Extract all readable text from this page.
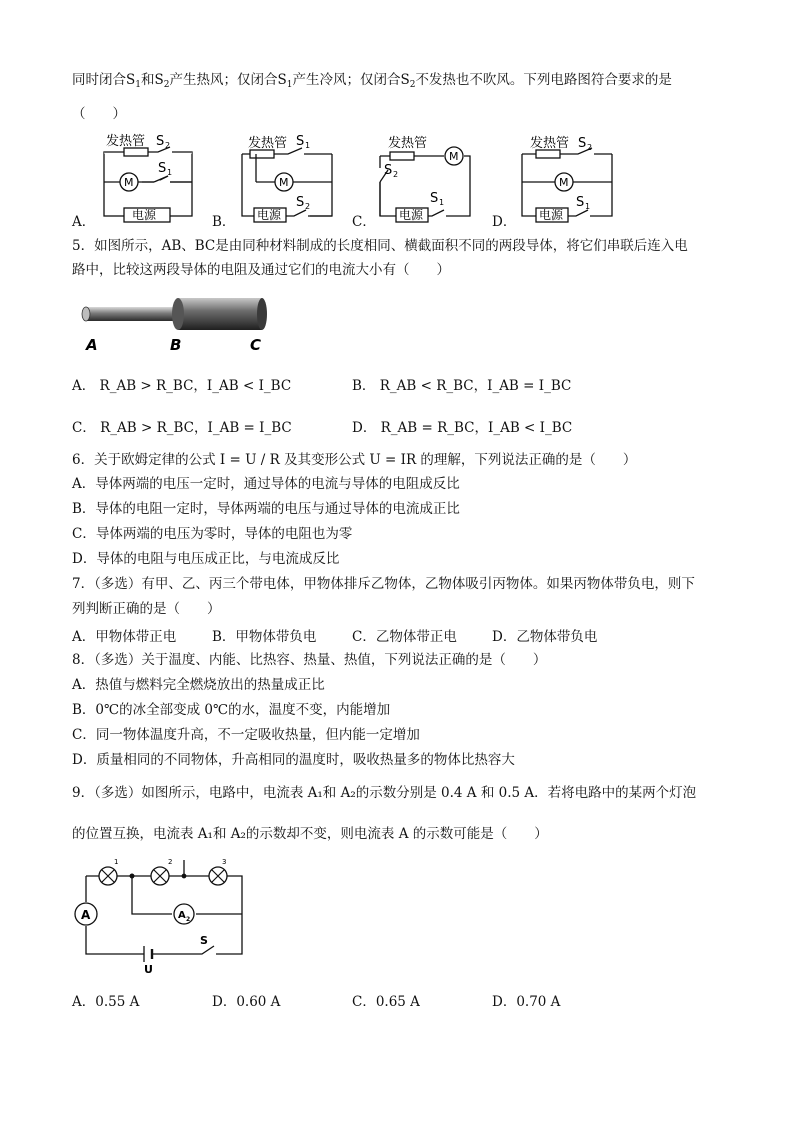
同时闭合$S_1$和$S_2$产生热风；仅闭合$S_1$产生冷风；仅闭合$S_2$不发热也不吹风。下列电路图符合要求的是
（　　）
A．
发热管 S 2
M
S 1
电源	B．
发热管 S 1
M
S 2
电源	C．
发热管
M
S 2
S 1
电源	D．
发热管 S 2
M
S 1
电源
5．如图所示，AB、BC是由同种材料制成的长度相同、横截面积不同的两段导体，将它们串联后连入电
路中，比较这两段导体的电阻及通过它们的电流大小有（　　）
A	B	C
A． R_AB > R_BC，I_AB < I_BC	B． R_AB < R_BC，I_AB = I_BC
C． R_AB > R_BC，I_AB = I_BC	D． R_AB = R_BC，I_AB < I_BC
6．关于欧姆定律的公式 I = U / R 及其变形公式 U = IR 的理解，下列说法正确的是（　　）
A．导体两端的电压一定时，通过导体的电流与导体的电阻成反比
B．导体的电阻一定时，导体两端的电压与通过导体的电流成正比
C．导体两端的电压为零时，导体的电阻也为零
D．导体的电阻与电压成正比，与电流成反比
7．（多选）有甲、乙、丙三个带电体，甲物体排斥乙物体，乙物体吸引丙物体。如果丙物体带负电，则下
列判断正确的是（　　）
A．甲物体带正电	B．甲物体带负电	C．乙物体带正电	D．乙物体带负电
8．（多选）关于温度、内能、比热容、热量、热值，下列说法正确的是（　　）
A．热值与燃料完全燃烧放出的热量成正比
B．0℃的冰全部变成 0℃的水，温度不变，内能增加
C．同一物体温度升高，不一定吸收热量，但内能一定增加
D．质量相同的不同物体，升高相同的温度时，吸收热量多的物体比热容大
9．（多选）如图所示，电路中，电流表 A₁和 A₂的示数分别是 0.4 A 和 0.5 A．若将电路中的某两个灯泡
的位置互换，电流表 A₁和 A₂的示数却不变，则电流表 A 的示数可能是（　　）
1	2	3
A	A 2
S
U
A．0.55 A	D．0.60 A	C．0.65 A	D．0.70 A
